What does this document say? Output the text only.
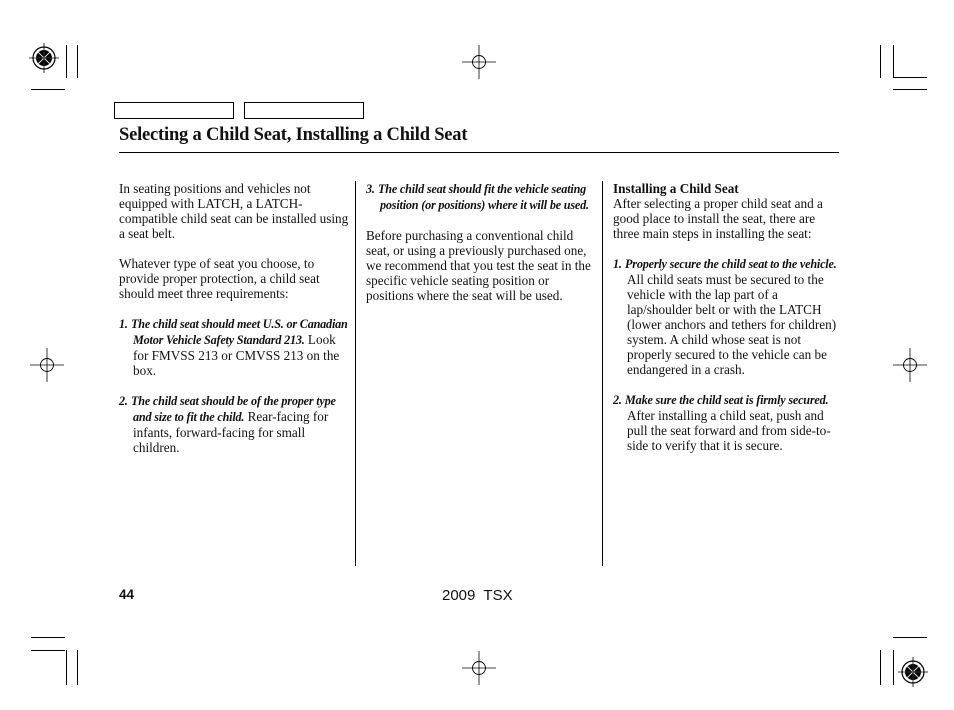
Selecting a Child Seat, Installing a Child Seat

In seating positions and vehicles not equipped with LATCH, a LATCH-compatible child seat can be installed using a seat belt.

Whatever type of seat you choose, to provide proper protection, a child seat should meet three requirements:

1. The child seat should meet U.S. or Canadian Motor Vehicle Safety Standard 213. Look for FMVSS 213 or CMVSS 213 on the box.
2. The child seat should be of the proper type and size to fit the child. Rear-facing for infants, forward-facing for small children.
3. The child seat should fit the vehicle seating position (or positions) where it will be used.

Before purchasing a conventional child seat, or using a previously purchased one, we recommend that you test the seat in the specific vehicle seating position or positions where the seat will be used.

Installing a Child Seat

After selecting a proper child seat and a good place to install the seat, there are three main steps in installing the seat:

1. Properly secure the child seat to the vehicle. All child seats must be secured to the vehicle with the lap part of a lap/shoulder belt or with the LATCH (lower anchors and tethers for children) system. A child whose seat is not properly secured to the vehicle can be endangered in a crash.
2. Make sure the child seat is firmly secured. After installing a child seat, push and pull the seat forward and from side-to-side to verify that it is secure.
44	2009  TSX
